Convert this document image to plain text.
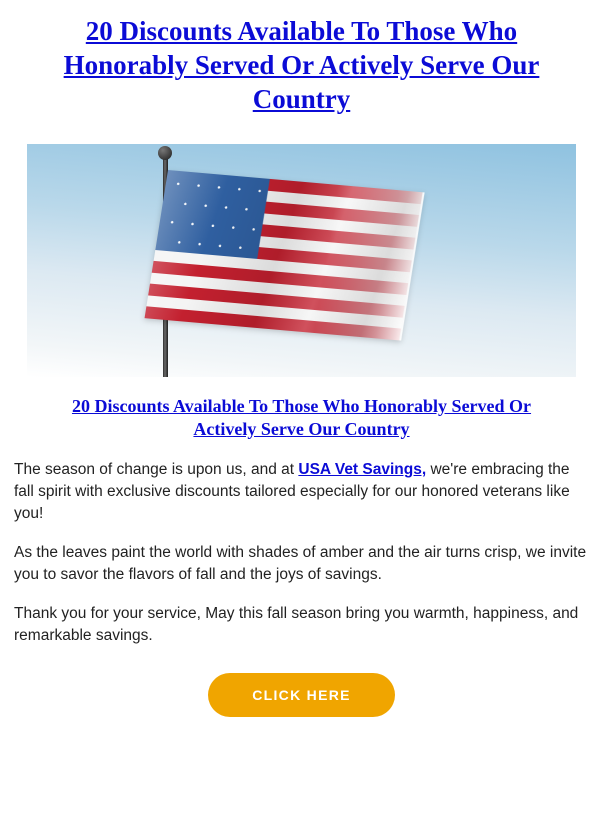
20 Discounts Available To Those Who Honorably Served Or Actively Serve Our Country
20 Discounts Available To Those Who Honorably Served Or Actively Serve Our Country

The season of change is upon us, and at USA Vet Savings, we're embracing the fall spirit with exclusive discounts tailored especially for our honored veterans like you!

As the leaves paint the world with shades of amber and the air turns crisp, we invite you to savor the flavors of fall and the joys of savings.

Thank you for your service, May this fall season bring you warmth, happiness, and remarkable savings.

CLICK HERE
